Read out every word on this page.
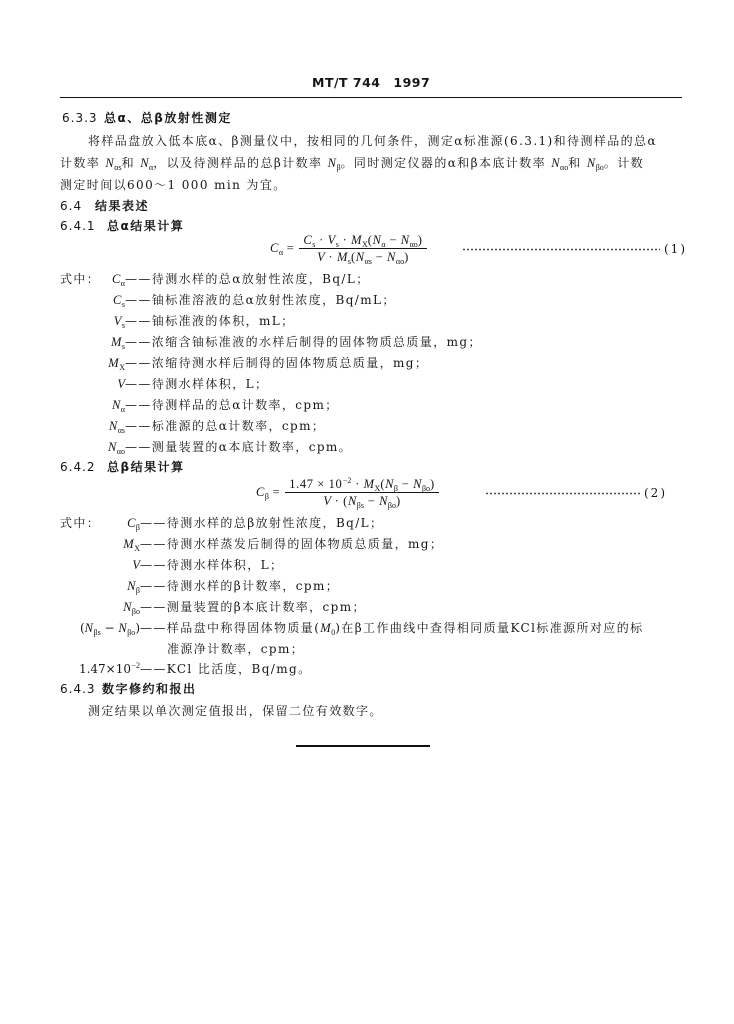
MT/T 744 1997
6.3.3 总α、总β放射性测定
将样品盘放入低本底α、β测量仪中，按相同的几何条件，测定α标准源(6.3.1)和待测样品的总α
计数率 $N_{\alpha s}$和 $N_\alpha$，以及待测样品的总β计数率 $N_\beta$。同时测定仪器的α和β本底计数率 $N_{\alpha o}$和 $N_{\beta o}$。计数
测定时间以600～1 000 min 为宜。
6.4 结果表述
6.4.1 总α结果计算
$C_\alpha = \frac{C_s \cdot V_s \cdot M_X(N_\alpha - N_{\alpha o})}{V \cdot M_s(N_{\alpha s} - N_{\alpha o})}$	(1)
式中： $C_\alpha$ ——待测水样的总α放射性浓度，Bq/L；
$C_s$ ——铀标准溶液的总α放射性浓度，Bq/mL；
$V_s$ ——铀标准液的体积，mL；
$M_s$ ——浓缩含铀标准液的水样后制得的固体物质总质量，mg；
$M_X$ ——浓缩待测水样后制得的固体物质总质量，mg；
V ——待测水样体积，L；
$N_\alpha$ ——待测样品的总α计数率，cpm；
$N_{\alpha s}$ ——标准源的总α计数率，cpm；
$N_{\alpha o}$ ——测量装置的α本底计数率，cpm。
6.4.2 总β结果计算
$C_\beta = \frac{1.47 \times 10^{-2} \cdot M_X(N_\beta - N_{\beta o})}{V \cdot (N_{\beta s} - N_{\beta o})}$	(2)
式中： $C_\beta$ ——待测水样的总β放射性浓度，Bq/L；
$M_X$ ——待测水样蒸发后制得的固体物质总质量，mg；
V ——待测水样体积，L；
$N_\beta$ ——待测水样的β计数率，cpm；
$N_{\beta o}$ ——测量装置的β本底计数率，cpm；
$(N_{\beta s} - N_{\beta o})$ ——样品盘中称得固体物质量$(M_0)$在β工作曲线中查得相同质量KCl标准源所对应的标
准源净计数率，cpm；
$1.47\times 10^{-2}$ ——KCl 比活度，Bq/mg。
6.4.3 数字修约和报出
测定结果以单次测定值报出，保留二位有效数字。
